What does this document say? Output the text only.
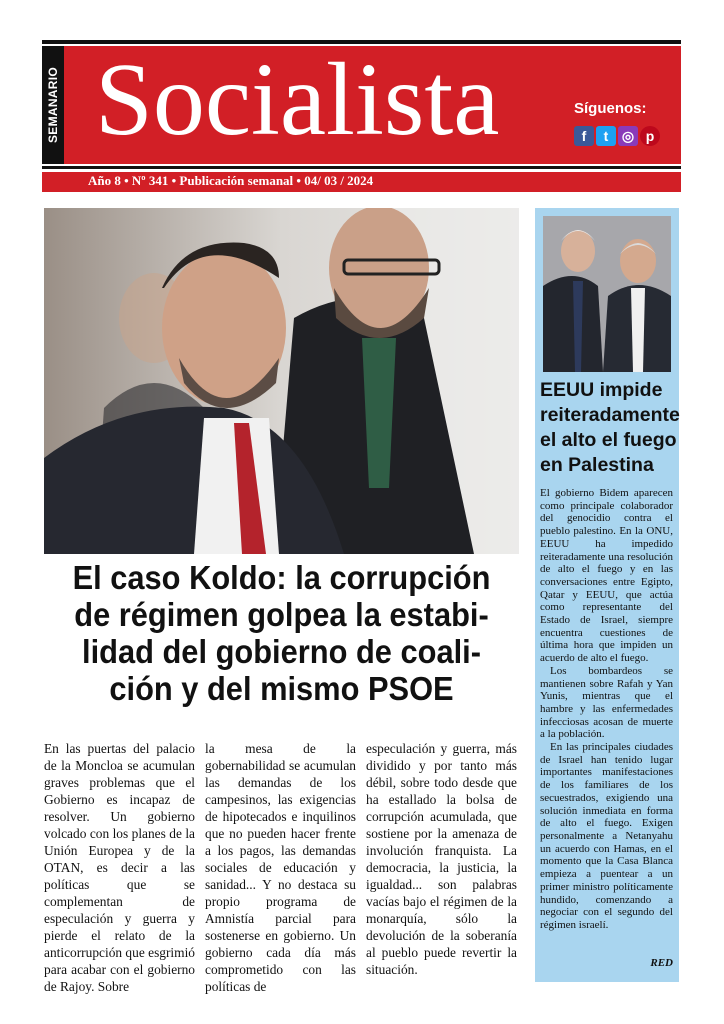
SEMANARIO Socialista	Síguenos:
f t ◎ p
Año 8 • Nº 341 • Publicación semanal • 04/ 03 / 2024
El caso Koldo: la corrupción de régimen golpea la estabi-lidad del gobierno de coali-ción y del mismo PSOE
En las puertas del palacio de la Moncloa se acumulan graves problemas que el Gobierno es incapaz de resolver. Un gobierno volcado con los planes de la Unión Europea y de la OTAN, es decir a las políticas que se complementan de especulación y guerra y pierde el relato de la anticorrupción que esgrimió para acabar con el gobierno de Rajoy. Sobre
la mesa de la gobernabilidad se acumulan las demandas de los campesinos, las exigencias de hipotecados e inquilinos que no pueden hacer frente a los pagos, las demandas sociales de educación y sanidad... Y no destaca su propio programa de Amnistía parcial para sostenerse en gobierno. Un gobierno cada día más comprometido con las políticas de
especulación y guerra, más dividido y por tanto más débil, sobre todo desde que ha estallado la bolsa de corrupción acumulada, que sostiene por la amenaza de involución franquista. La democracia, la justicia, la igualdad... son palabras vacías bajo el régimen de la monarquía, sólo la devolución de la soberanía al pueblo puede revertir la situación.
EEUU impide reiteradamente el alto el fuego en Palestina

El gobierno Bidem aparecen como principale colaborador del genocidio contra el pueblo palestino. En la ONU, EEUU ha impedido reiteradamente una resolución de alto el fuego y en las conversaciones entre Egipto, Qatar y EEUU, que actúa como representante del Estado de Israel, siempre encuentra cuestiones de última hora que impiden un acuerdo de alto el fuego.

Los bombardeos se mantienen sobre Rafah y Yan Yunis, mientras que el hambre y las enfermedades infecciosas acosan de muerte a la población.

En las principales ciudades de Israel han tenido lugar importantes manifestaciones de los familiares de los secuestrados, exigiendo una solución inmediata en forma de alto el fuego. Exigen personalmente a Netanyahu un acuerdo con Hamas, en el momento que la Casa Blanca empieza a puentear a un primer ministro políticamente hundido, comenzando a negociar con el segundo del régimen israelí.

RED
